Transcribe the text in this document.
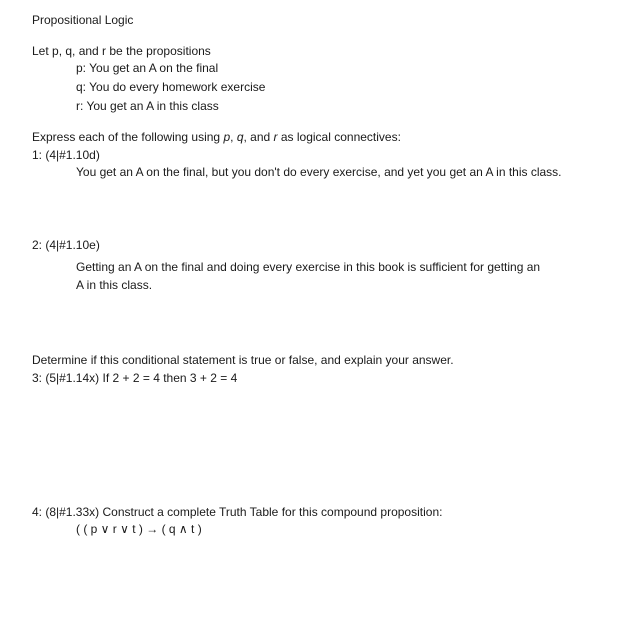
Propositional Logic
Let p, q, and r be the propositions
p: You get an A on the final
q: You do every homework exercise
r: You get an A in this class
Express each of the following using p, q, and r as logical connectives:
1: (4|#1.10d)
You get an A on the final, but you don't do every exercise, and yet you get an A in this class.
2: (4|#1.10e)
Getting an A on the final and doing every exercise in this book is sufficient for getting an
A in this class.
Determine if this conditional statement is true or false, and explain your answer.
3: (5|#1.14x) If 2 + 2 = 4 then 3 + 2 = 4
4: (8|#1.33x) Construct a complete Truth Table for this compound proposition:
( ( p ∨ r ∨ t ) → ( q ∧ t )
